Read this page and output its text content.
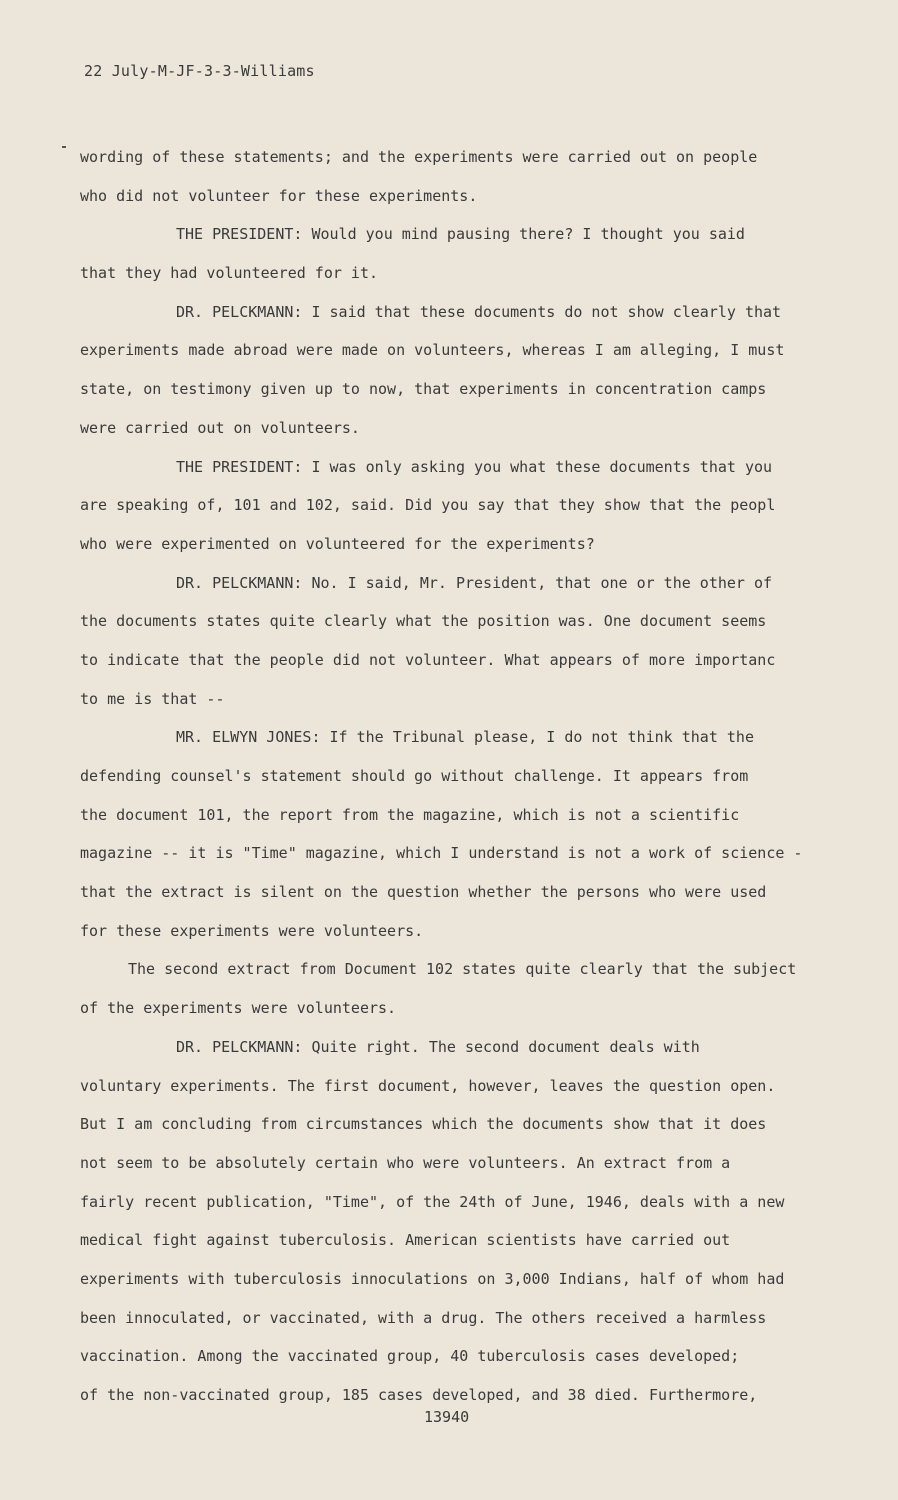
22 July-M-JF-3-3-Williams
wording of these statements; and the experiments were carried out on people
who did not volunteer for these experiments.
THE PRESIDENT: Would you mind pausing there? I thought you said
that they had volunteered for it.
DR. PELCKMANN: I said that these documents do not show clearly that
experiments made abroad were made on volunteers, whereas I am alleging, I must
state, on testimony given up to now, that experiments in concentration camps
were carried out on volunteers.
THE PRESIDENT: I was only asking you what these documents that you
are speaking of, 101 and 102, said. Did you say that they show that the peopl
who were experimented on volunteered for the experiments?
DR. PELCKMANN: No. I said, Mr. President, that one or the other of
the documents states quite clearly what the position was. One document seems
to indicate that the people did not volunteer. What appears of more importanc
to me is that --
MR. ELWYN JONES: If the Tribunal please, I do not think that the
defending counsel's statement should go without challenge. It appears from
the document 101, the report from the magazine, which is not a scientific
magazine -- it is "Time" magazine, which I understand is not a work of science -
that the extract is silent on the question whether the persons who were used
for these experiments were volunteers.
The second extract from Document 102 states quite clearly that the subject
of the experiments were volunteers.
DR. PELCKMANN: Quite right. The second document deals with
voluntary experiments. The first document, however, leaves the question open.
But I am concluding from circumstances which the documents show that it does
not seem to be absolutely certain who were volunteers. An extract from a
fairly recent publication, "Time", of the 24th of June, 1946, deals with a new
medical fight against tuberculosis. American scientists have carried out
experiments with tuberculosis innoculations on 3,000 Indians, half of whom had
been innoculated, or vaccinated, with a drug. The others received a harmless
vaccination. Among the vaccinated group, 40 tuberculosis cases developed;
of the non-vaccinated group, 185 cases developed, and 38 died. Furthermore,
13940
